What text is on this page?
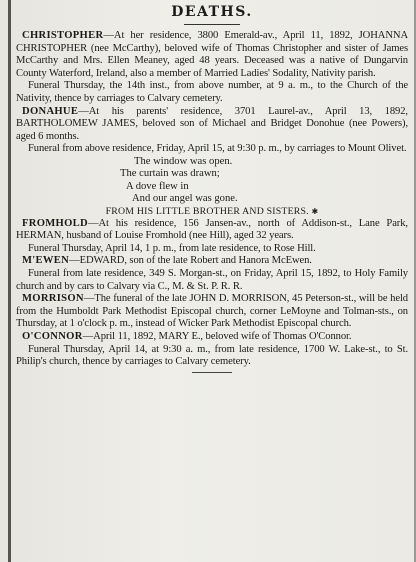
DEATHS.

CHRISTOPHER—At her residence, 3800 Emerald-av., April 11, 1892, JOHANNA CHRISTOPHER (nee McCarthy), beloved wife of Thomas Christopher and sister of James McCarthy and Mrs. Ellen Meaney, aged 48 years. Deceased was a native of Dungarvin County Waterford, Ireland, also a member of Married Ladies' Sodality, Nativity parish.

Funeral Thursday, the 14th inst., from above number, at 9 a. m., to the Church of the Nativity, thence by carriages to Calvary cemetery.

DONAHUE—At his parents' residence, 3701 Laurel-av., April 13, 1892, BARTHOLOMEW JAMES, beloved son of Michael and Bridget Donohue (nee Powers), aged 6 months.

Funeral from above residence, Friday, April 15, at 9:30 p. m., by carriages to Mount Olivet.

The window was open.
The curtain was drawn;
A dove flew in
And our angel was gone.
FROM HIS LITTLE BROTHER AND SISTERS. ✱

FROMHOLD—At his residence, 156 Jansen-av., north of Addison-st., Lane Park, HERMAN, husband of Louise Fromhold (nee Hill), aged 32 years.

Funeral Thursday, April 14, 1 p. m., from late residence, to Rose Hill.

M'EWEN—EDWARD, son of the late Robert and Hanora McEwen.

Funeral from late residence, 349 S. Morgan-st., on Friday, April 15, 1892, to Holy Family church and by cars to Calvary via C., M. & St. P. R. R.

MORRISON—The funeral of the late JOHN D. MORRISON, 45 Peterson-st., will be held from the Humboldt Park Methodist Episcopal church, corner LeMoyne and Tolman-sts., on Thursday, at 1 o'clock p. m., instead of Wicker Park Methodist Episcopal church.

O'CONNOR—April 11, 1892, MARY E., beloved wife of Thomas O'Connor.

Funeral Thursday, April 14, at 9:30 a. m., from late residence, 1700 W. Lake-st., to St. Philip's church, thence by carriages to Calvary cemetery.
